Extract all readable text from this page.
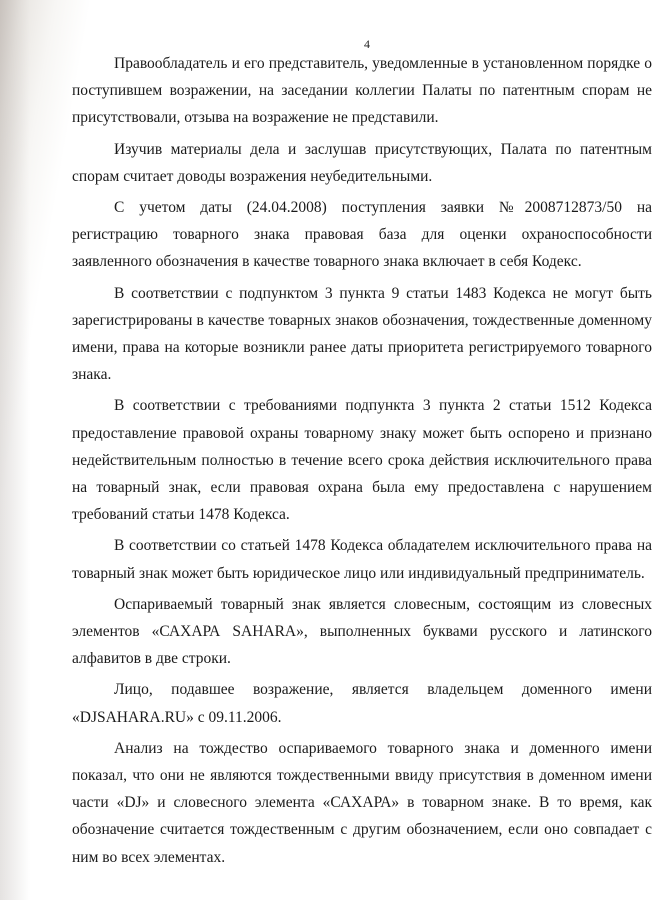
4

Правообладатель и его представитель, уведомленные в установленном порядке о поступившем возражении, на заседании коллегии Палаты по патентным спорам не присутствовали, отзыва на возражение не представили.

Изучив материалы дела и заслушав присутствующих, Палата по патентным спорам считает доводы возражения неубедительными.

С учетом даты (24.04.2008) поступления заявки №2008712873/50 на регистрацию товарного знака правовая база для оценки охраноспособности заявленного обозначения в качестве товарного знака включает в себя Кодекс.

В соответствии с подпунктом 3 пункта 9 статьи 1483 Кодекса не могут быть зарегистрированы в качестве товарных знаков обозначения, тождественные доменному имени, права на которые возникли ранее даты приоритета регистрируемого товарного знака.

В соответствии с требованиями подпункта 3 пункта 2 статьи 1512 Кодекса предоставление правовой охраны товарному знаку может быть оспорено и признано недействительным полностью в течение всего срока действия исключительного права на товарный знак, если правовая охрана была ему предоставлена с нарушением требований статьи 1478 Кодекса.

В соответствии со статьей 1478 Кодекса обладателем исключительного права на товарный знак может быть юридическое лицо или индивидуальный предприниматель.

Оспариваемый товарный знак является словесным, состоящим из словесных элементов «САХАРА SAHARA», выполненных буквами русского и латинского алфавитов в две строки.

Лицо, подавшее возражение, является владельцем доменного имени «DJSAHARA.RU» с 09.11.2006.

Анализ на тождество оспариваемого товарного знака и доменного имени показал, что они не являются тождественными ввиду присутствия в доменном имени части «DJ» и словесного элемента «САХАРА» в товарном знаке. В то время, как обозначение считается тождественным с другим обозначением, если оно совпадает с ним во всех элементах.
